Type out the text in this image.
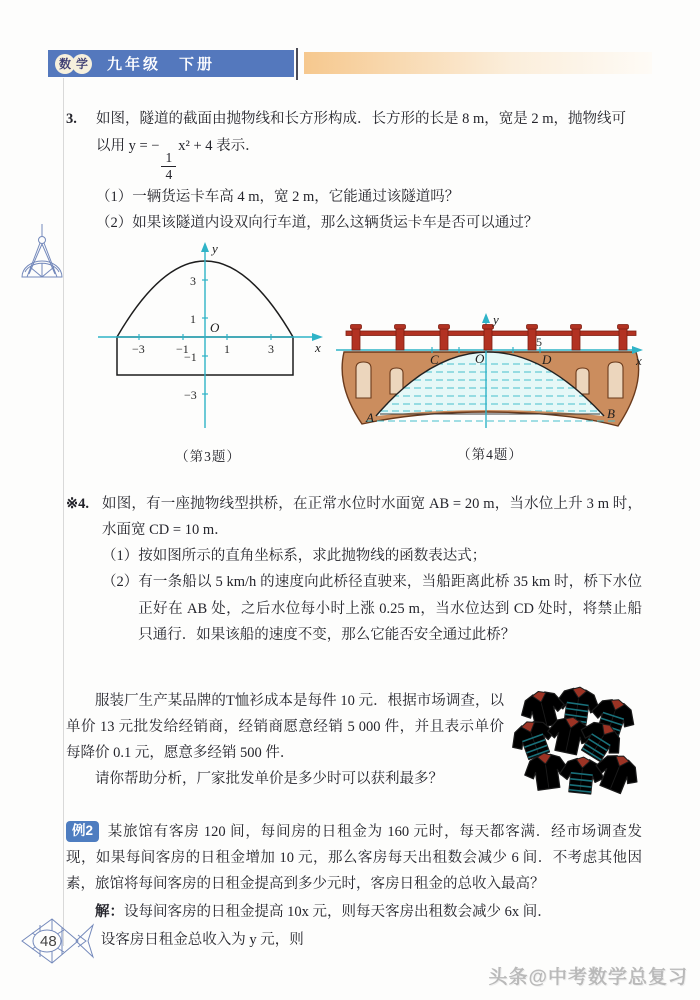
数 学 九年级　下册
3.	如图，隧道的截面由抛物线和长方形构成．长方形的长是 8 m，宽是 2 m，抛物线可
以用 y = −
$\frac{1}{4}$
x² + 4 表示．
（1）一辆货运卡车高 4 m，宽 2 m，它能通过该隧道吗？
（2）如果该隧道内设双向行车道，那么这辆货运卡车是否可以通过？
x
y
O
−3	−1	1	3
3
1
−1
−3
（第3题）
x
y
O
5
C	D
A	B
（第4题）
※4. 如图，有一座抛物线型拱桥，在正常水位时水面宽 AB = 20 m，当水位上升 3 m 时，水面宽 CD = 10 m．
（1）按如图所示的直角坐标系，求此抛物线的函数表达式；
（2） 有一条船以 5 km/h 的速度向此桥径直驶来，当船距离此桥 35 km 时，桥下水位正好在 AB 处，之后水位每小时上涨 0.25 m，当水位达到 CD 处时，将禁止船只通行．如果该船的速度不变，那么它能否安全通过此桥？

服装厂生产某品牌的T恤衫成本是每件 10 元．根据市场调查，以单价 13 元批发给经销商，经销商愿意经销 5 000 件，并且表示单价每降价 0.1 元，愿意多经销 500 件．

请你帮助分析，厂家批发单价是多少时可以获利最多？

例2 某旅馆有客房 120 间，每间房的日租金为 160 元时，每天都客满．经市场调查发现，如果每间客房的日租金增加 10 元，那么客房每天出租数会减少 6 间．不考虑其他因素，旅馆将每间客房的日租金提高到多少元时，客房日租金的总收入最高？

解：设每间客房的日租金提高 10x 元，则每天客房出租数会减少 6x 间．
设客房日租金总收入为 y 元，则
48
头条@中考数学总复习
